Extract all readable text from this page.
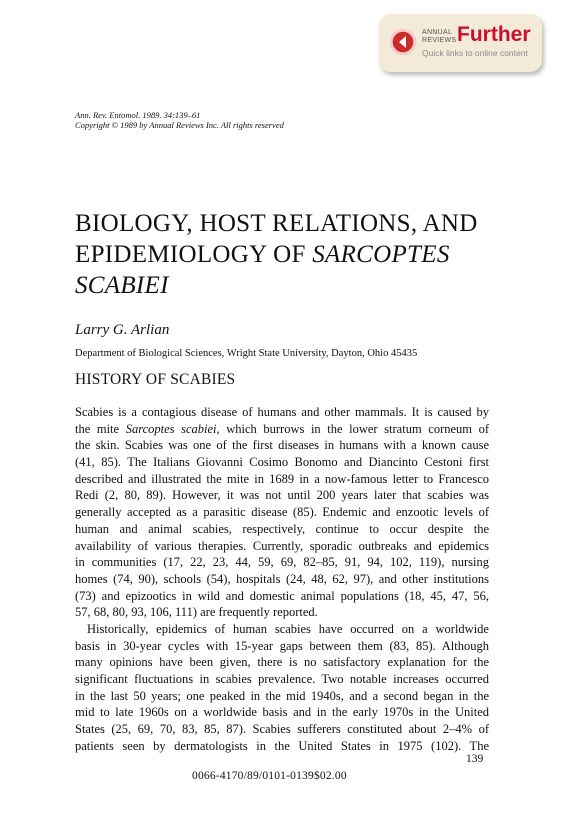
ANNUAL
REVIEWS Further
Quick links to online content
Ann. Rev. Entomol. 1989. 34:139–61
Copyright © 1989 by Annual Reviews Inc. All rights reserved
BIOLOGY, HOST RELATIONS, AND
EPIDEMIOLOGY OF SARCOPTES
SCABIEI
Larry G. Arlian
Department of Biological Sciences, Wright State University, Dayton, Ohio 45435
HISTORY OF SCABIES
Scabies is a contagious disease of humans and other mammals. It is caused by
the mite Sarcoptes scabiei, which burrows in the lower stratum corneum of
the skin. Scabies was one of the first diseases in humans with a known cause
(41, 85). The Italians Giovanni Cosimo Bonomo and Diancinto Cestoni first
described and illustrated the mite in 1689 in a now-famous letter to Francesco
Redi (2, 80, 89). However, it was not until 200 years later that scabies was
generally accepted as a parasitic disease (85). Endemic and enzootic levels of
human and animal scabies, respectively, continue to occur despite the
availability of various therapies. Currently, sporadic outbreaks and epidemics
in communities (17, 22, 23, 44, 59, 69, 82–85, 91, 94, 102, 119), nursing
homes (74, 90), schools (54), hospitals (24, 48, 62, 97), and other institutions
(73) and epizootics in wild and domestic animal populations (18, 45, 47, 56,
57, 68, 80, 93, 106, 111) are frequently reported.
Historically, epidemics of human scabies have occurred on a worldwide
basis in 30-year cycles with 15-year gaps between them (83, 85). Although
many opinions have been given, there is no satisfactory explanation for the
significant fluctuations in scabies prevalence. Two notable increases occurred
in the last 50 years; one peaked in the mid 1940s, and a second began in the
mid to late 1960s on a worldwide basis and in the early 1970s in the United
States (25, 69, 70, 83, 85, 87). Scabies sufferers constituted about 2–4% of
patients seen by dermatologists in the United States in 1975 (102). The
139
0066-4170/89/0101-0139$02.00
